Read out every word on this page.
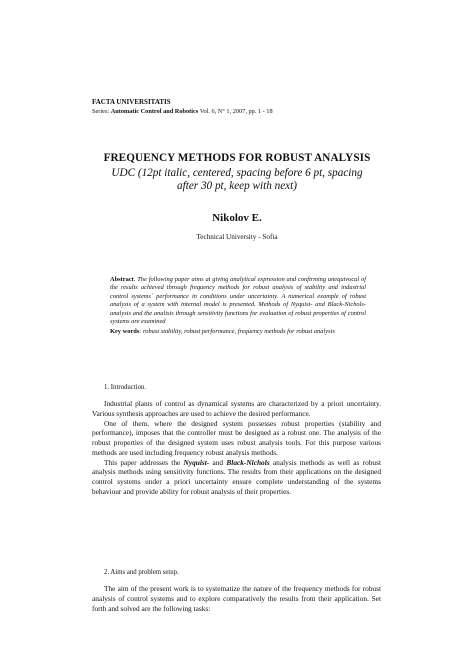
FACTA UNIVERSITATIS
Series: Automatic Control and Robotics Vol. 6, N° 1, 2007, pp. 1 - 18
FREQUENCY METHODS FOR ROBUST ANALYSIS
UDC (12pt italic, centered, spacing before 6 pt, spacing after 30 pt, keep with next)
Nikolov E.
Technical University - Sofia
Abstract. The following paper aims at giving analytical expression and confirming unequivocal of the results achieved through frequency methods for robust analysis of stability and industrial control systems` performance in conditions under uncertainty. A numerical example of robust analysis of a system with internal model is presented. Methods of Nyquist- and Black-Nichols- analysis and the analisis through sensitivity functions for evaluation of robust properties of control systems are examined
Key words: robust stability, robust performance, frequency methods for robust analysis
1. Introduction.

Industrial plants of control as dynamical systems are characterized by a priori uncertainty. Various synthesis approaches are used to achieve the desired performance.

One of them, where the designed system possesses robust properties (stability and performance), imposes that the controller must be designed as a robust one. The analysis of the robust properties of the designed system uses robust analysis tools. For this purpose various methods are used including frequency robust analysis methods.

This paper addresses the Nyquist- and Black-Nichols analysis methods as well as robust analysis methods using sensitivity functions. The results from their applications on the designed control systems under a priori uncertainty ensure complete understanding of the systems behaviour and provide ability for robust analysis of their properties.

2. Aims and problem setup.

The aim of the present work is to systematize the nature of the frequency methods for robust analysis of control systems and to explore comparatively the results from their application. Set forth and solved are the following tasks:
